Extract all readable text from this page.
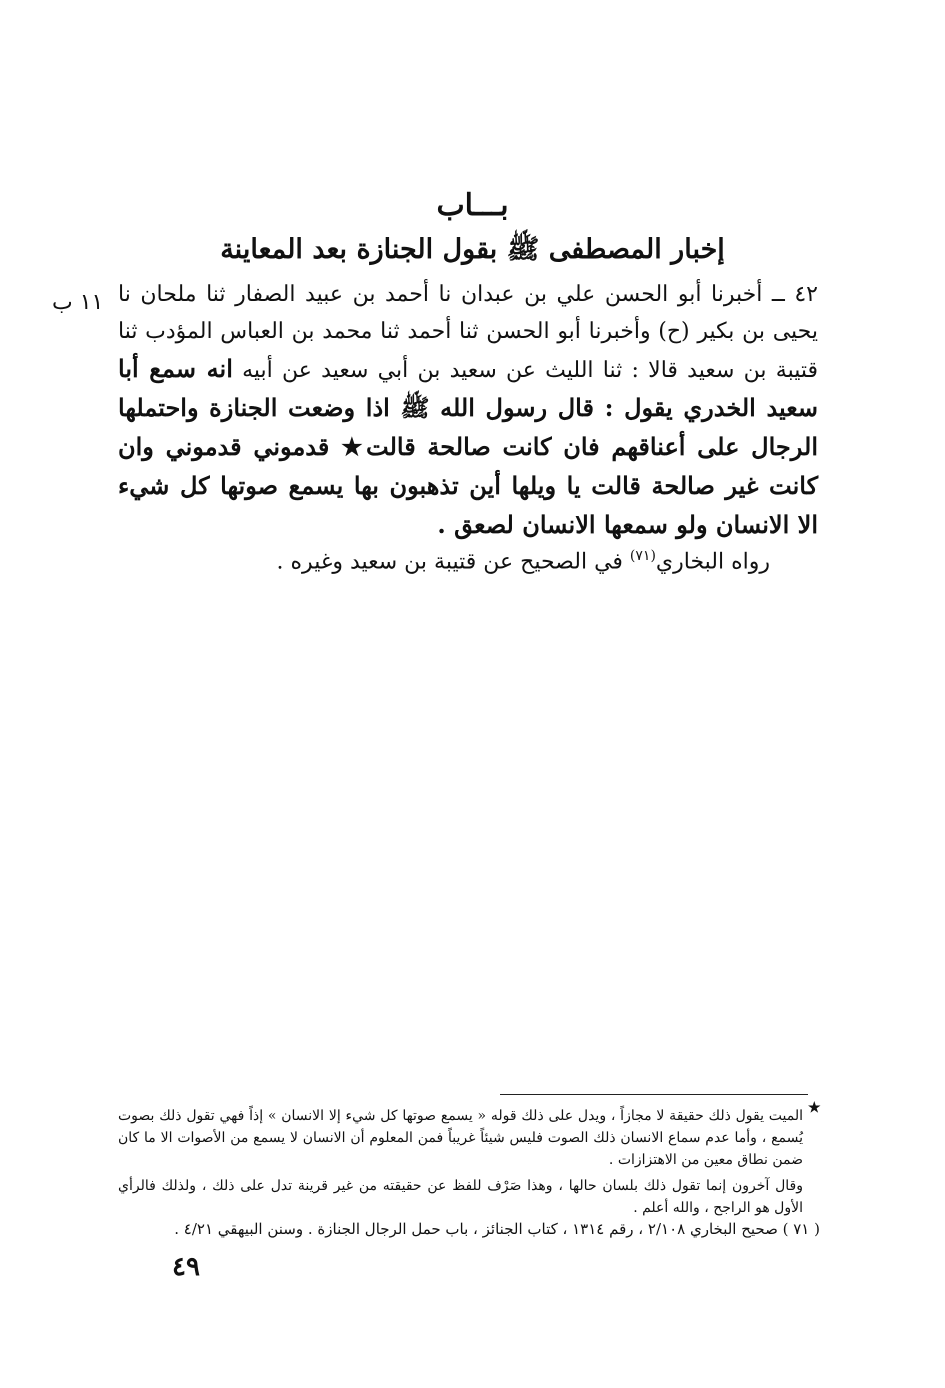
بـــاب
إخبار المصطفى ﷺ بقول الجنازة بعد المعاينة
١١ ب ٤٢ ــ أخبرنا أبو الحسن علي بن عبدان نا أحمد بن عبيد الصفار ثنا ملحان نا يحيى بن بكير (ح) وأخبرنا أبو الحسن ثنا أحمد ثنا محمد بن العباس المؤدب ثنا قتيبة بن سعيد قالا : ثنا الليث عن سعيد بن أبي سعيد عن أبيه انه سمع أبا سعيد الخدري يقول : قال رسول الله ﷺ اذا وضعت الجنازة واحتملها الرجال على أعناقهم فان كانت صالحة قالت★ قدموني قدموني وان كانت غير صالحة قالت يا ويلها أين تذهبون بها يسمع صوتها كل شيء الا الانسان ولو سمعها الانسان لصعق .

رواه البخاري$^{(٧١)}$ في الصحيح عن قتيبة بن سعيد وغيره .
★

الميت يقول ذلك حقيقة لا مجازاً ، ويدل على ذلك قوله « يسمع صوتها كل شيء إلا الانسان » إذاً فهي تقول ذلك بصوت يُسمع ، وأما عدم سماع الانسان ذلك الصوت فليس شيئاً غريباً فمن المعلوم أن الانسان لا يسمع من الأصوات الا ما كان ضمن نطاق معين من الاهتزازات .

وقال آخرون إنما تقول ذلك بلسان حالها ، وهذا صَرْف للفظ عن حقيقته من غير قرينة تدل على ذلك ، ولذلك فالرأي الأول هو الراجح ، والله أعلم .

( ٧١ ) صحيح البخاري ٢/١٠٨ ، رقم ١٣١٤ ، كتاب الجنائز ، باب حمل الرجال الجنازة . وسنن البيهقي ٤/٢١ .
٤٩
